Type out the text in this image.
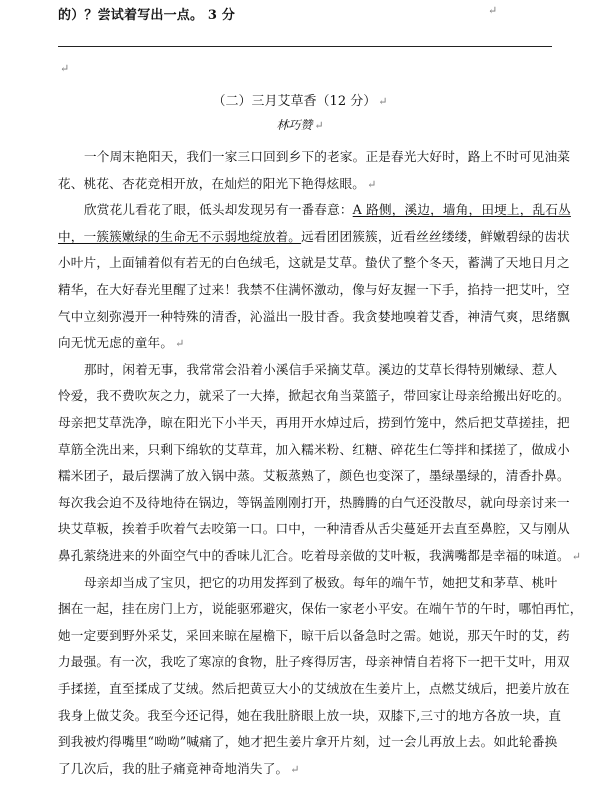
的）？尝试着写出一点。 3 分	↵
↵
（二）三月艾草香（12 分） ↵
林巧赞 ↵
一个周末艳阳天，我们一家三口回到乡下的老家。正是春光大好时，路上不时可见油菜
花、桃花、杏花竞相开放，在灿烂的阳光下艳得炫眼。 ↵
欣赏花儿看花了眼，低头却发现另有一番春意：A 路侧，溪边，墙角，田埂上，乱石丛
中，一簇簇嫩绿的生命无不示弱地绽放着。远看团团簇簇，近看丝丝缕缕，鲜嫩碧绿的齿状
小叶片，上面铺着似有若无的白色绒毛，这就是艾草。蛰伏了整个冬天，蓄满了天地日月之
精华，在大好春光里醒了过来！我禁不住满怀激动，像与好友握一下手，掐持一把艾叶，空
气中立刻弥漫开一种特殊的清香，沁溢出一股甘香。我贪婪地嗅着艾香，神清气爽，思绪飘
向无忧无虑的童年。 ↵
那时，闲着无事，我常常会沿着小溪信手采摘艾草。溪边的艾草长得特别嫩绿、惹人
怜爱，我不费吹灰之力，就采了一大捧，掀起衣角当菜篮子，带回家让母亲给搬出好吃的。
母亲把艾草洗净，晾在阳光下小半天，再用开水焯过后，捞到竹笼中，然后把艾草搓挂，把
草筋全洗出来，只剩下绵软的艾草茸，加入糯米粉、红糖、碎花生仁等拌和揉搓了，做成小
糯米团子，最后摆满了放入锅中蒸。艾粄蒸熟了，颜色也变深了，墨绿墨绿的，清香扑鼻。
每次我会迫不及待地待在锅边，等锅盖刚刚打开，热腾腾的白气还没散尽，就向母亲讨来一
块艾草粄，挨着手吹着气去咬第一口。口中，一种清香从舌尖蔓延开去直至鼻腔，又与刚从
鼻孔萦绕进来的外面空气中的香味儿汇合。吃着母亲做的艾叶粄，我满嘴都是幸福的味道。 ↵
母亲却当成了宝贝，把它的功用发挥到了极致。每年的端午节，她把艾和茅草、桃叶
捆在一起，挂在房门上方，说能驱邪避灾，保佑一家老小平安。在端午节的午时，哪怕再忙，
她一定要到野外采艾，采回来晾在屋檐下，晾干后以备急时之需。她说，那天午时的艾，药
力最强。有一次，我吃了寒凉的食物，肚子疼得厉害，母亲神情自若将下一把干艾叶，用双
手揉搓，直至揉成了艾绒。然后把黄豆大小的艾绒放在生姜片上，点燃艾绒后，把姜片放在
我身上做艾灸。我至今还记得，她在我肚脐眼上放一块，双膝下,三寸的地方各放一块，直
到我被灼得嘴里“呦呦”喊痛了，她才把生姜片拿开片刻，过一会儿再放上去。如此轮番换
了几次后，我的肚子痛竟神奇地消失了。 ↵
